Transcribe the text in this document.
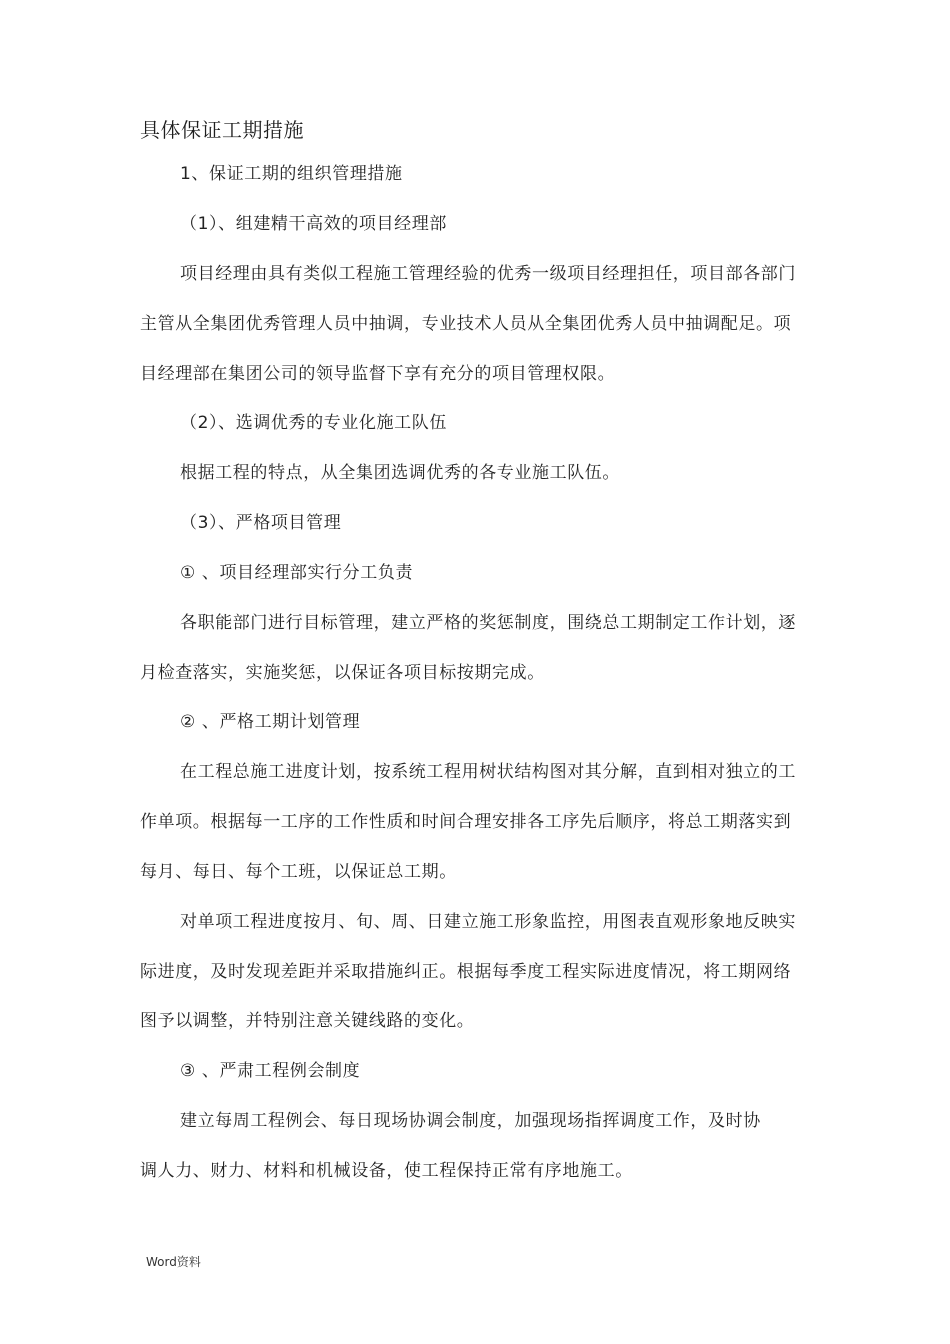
具体保证工期措施
1、保证工期的组织管理措施
（1）、组建精干高效的项目经理部
项目经理由具有类似工程施工管理经验的优秀一级项目经理担任，项目部各部门
主管从全集团优秀管理人员中抽调，专业技术人员从全集团优秀人员中抽调配足。项
目经理部在集团公司的领导监督下享有充分的项目管理权限。
（2）、选调优秀的专业化施工队伍
根据工程的特点，从全集团选调优秀的各专业施工队伍。
（3）、严格项目管理
① 、项目经理部实行分工负责
各职能部门进行目标管理，建立严格的奖惩制度，围绕总工期制定工作计划，逐
月检查落实，实施奖惩，以保证各项目标按期完成。
② 、严格工期计划管理
在工程总施工进度计划，按系统工程用树状结构图对其分解，直到相对独立的工
作单项。根据每一工序的工作性质和时间合理安排各工序先后顺序，将总工期落实到
每月、每日、每个工班，以保证总工期。
对单项工程进度按月、旬、周、日建立施工形象监控，用图表直观形象地反映实
际进度，及时发现差距并采取措施纠正。根据每季度工程实际进度情况，将工期网络
图予以调整，并特别注意关键线路的变化。
③ 、严肃工程例会制度
建立每周工程例会、每日现场协调会制度，加强现场指挥调度工作，及时协
调人力、财力、材料和机械设备，使工程保持正常有序地施工。
Word资料
